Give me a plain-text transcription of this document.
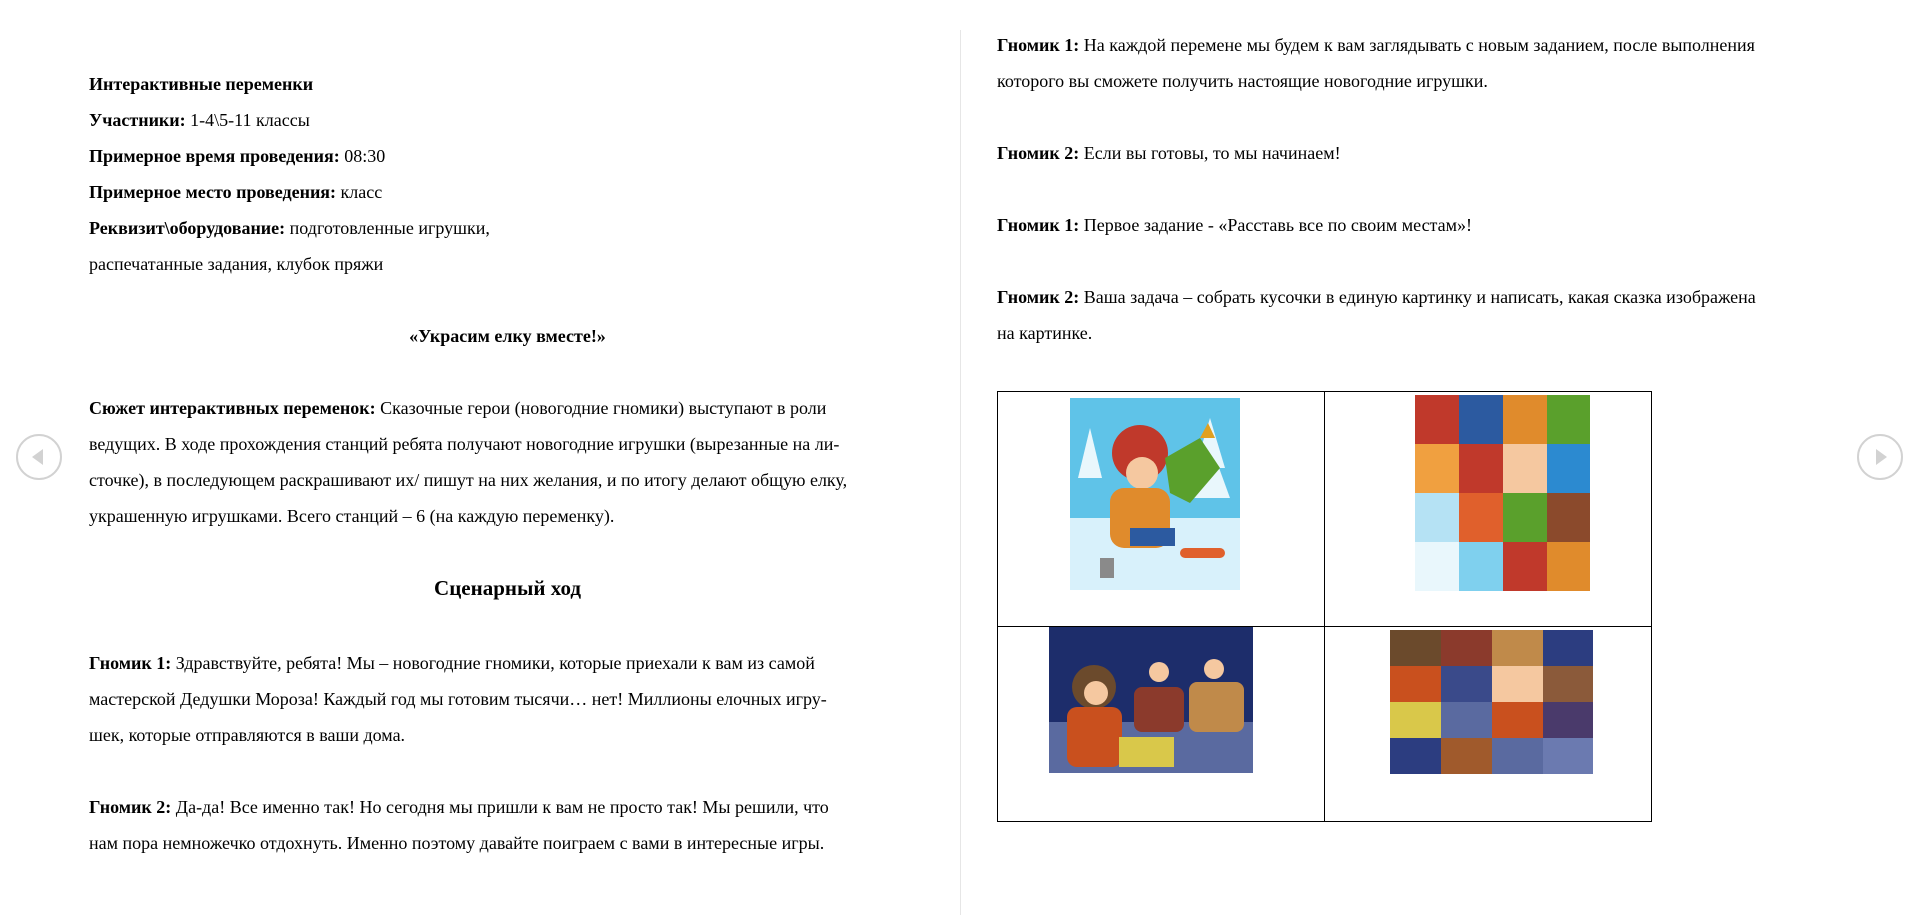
Интерактивные переменки
Участники: 1-4\5-11 классы
Примерное время проведения: 08:30
Примерное место проведения: класс
Реквизит\оборудование: подготовленные игрушки,
распечатанные задания, клубок пряжи
«Украсим елку вместе!»
Сюжет интерактивных переменок: Сказочные герои (новогодние гномики) выступают в роли
ведущих. В ходе прохождения станций ребята получают новогодние игрушки (вырезанные на ли-
сточке), в последующем раскрашивают их/ пишут на них желания, и по итогу делают общую елку,
украшенную игрушками. Всего станций – 6 (на каждую переменку).
Сценарный ход
Гномик 1: Здравствуйте, ребята! Мы – новогодние гномики, которые приехали к вам из самой
мастерской Дедушки Мороза! Каждый год мы готовим тысячи… нет! Миллионы елочных игру-
шек, которые отправляются в ваши дома.
Гномик 2: Да-да! Все именно так! Но сегодня мы пришли к вам не просто так! Мы решили, что
нам пора немножечко отдохнуть. Именно поэтому давайте поиграем с вами в интересные игры.
Гномик 1: На каждой перемене мы будем к вам заглядывать с новым заданием, после выполнения
которого вы сможете получить настоящие новогодние игрушки.
Гномик 2: Если вы готовы, то мы начинаем!
Гномик 1: Первое задание - «Расставь все по своим местам»!
Гномик 2: Ваша задача – собрать кусочки в единую картинку и написать, какая сказка изображена
на картинке.
